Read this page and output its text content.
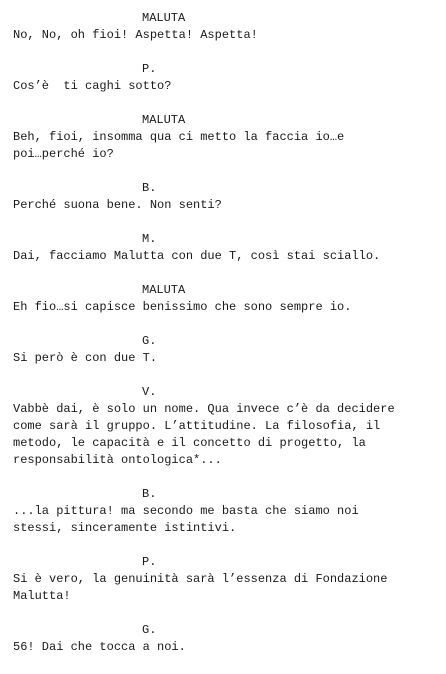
MALUTA
No, No, oh fioi! Aspetta! Aspetta!
P.
Cos’è  ti caghi sotto?
MALUTA
Beh, fioi, insomma qua ci metto la faccia io…e
poi…perché io?
B.
Perché suona bene. Non senti?
M.
Dai, facciamo Malutta con due T, così stai sciallo.
MALUTA
Eh fio…si capisce benissimo che sono sempre io.
G.
Si però è con due T.
V.
Vabbè dai, è solo un nome. Qua invece c’è da decidere
come sarà il gruppo. L’attitudine. La filosofia, il
metodo, le capacità e il concetto di progetto, la
responsabilità ontologica*...
B.
...la pittura! ma secondo me basta che siamo noi
stessi, sinceramente istintivi.
P.
Si è vero, la genuinità sarà l’essenza di Fondazione
Malutta!
G.
56! Dai che tocca a noi.
